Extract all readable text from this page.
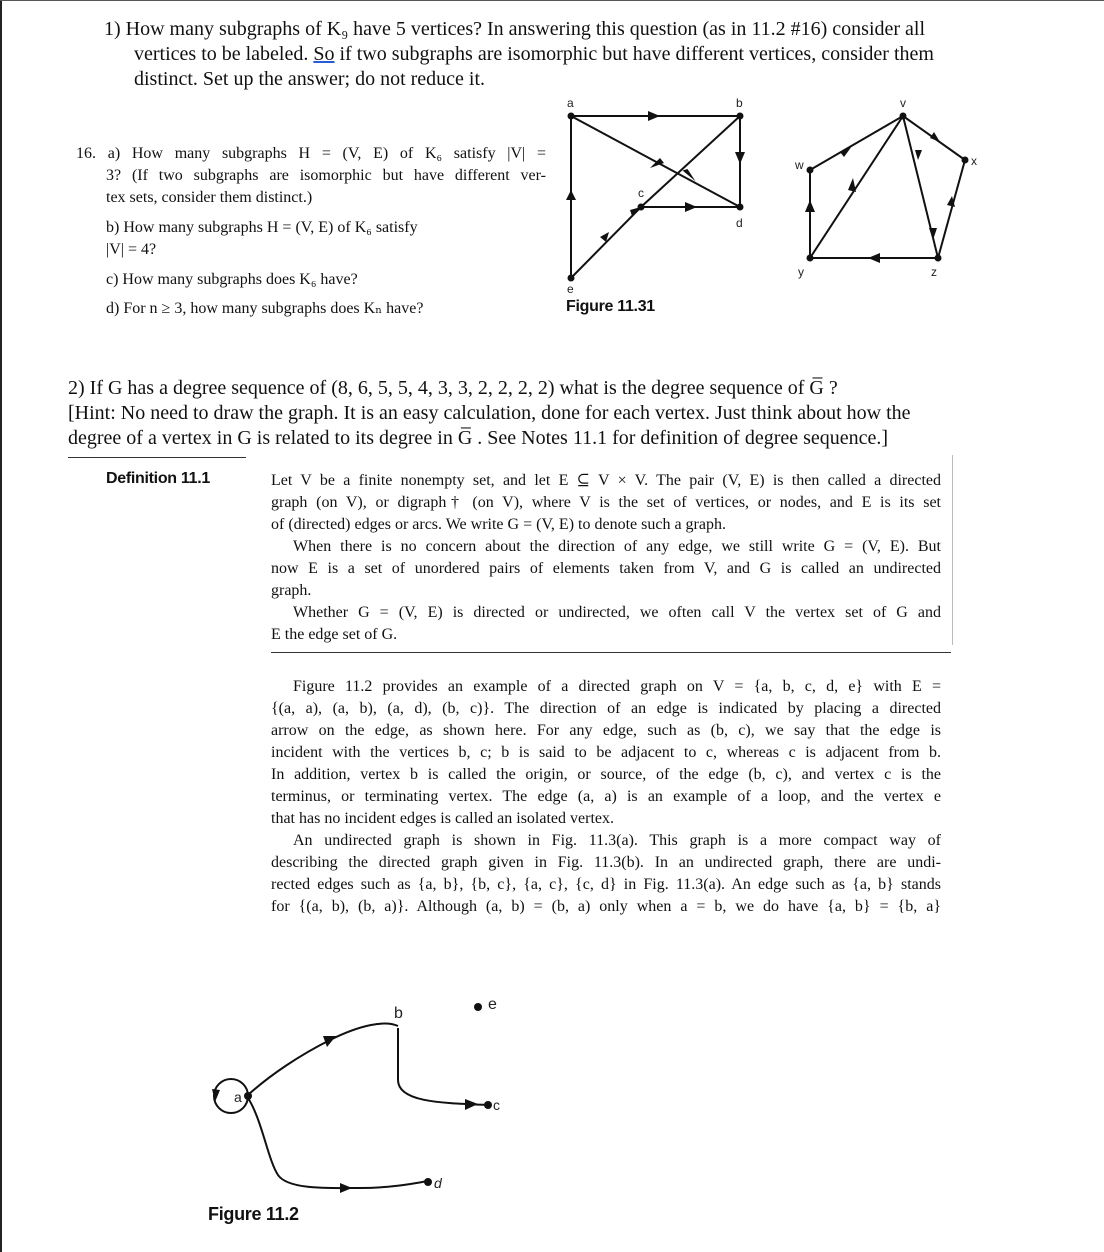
1) How many subgraphs of K₉ have 5 vertices? In answering this question (as in 11.2 #16) consider all
vertices to be labeled. So if two subgraphs are isomorphic but have different vertices, consider them
distinct. Set up the answer; do not reduce it.
16. a) How many subgraphs H = (V, E) of K₆ satisfy |V| =
3? (If two subgraphs are isomorphic but have different ver-
tex sets, consider them distinct.)
b) How many subgraphs H = (V, E) of K₆ satisfy
|V| = 4?
c) How many subgraphs does K₆ have?
d) For n ≥ 3, how many subgraphs does Kₙ have?
a	b
c
d
e
v
w	x
y	z
Figure 11.31
2) If G has a degree sequence of (8, 6, 5, 5, 4, 3, 3, 2, 2, 2, 2) what is the degree sequence of G̅ ?
[Hint: No need to draw the graph. It is an easy calculation, done for each vertex. Just think about how the
degree of a vertex in G is related to its degree in G̅ . See Notes 11.1 for definition of degree sequence.]
Definition 11.1	Let V be a finite nonempty set, and let E ⊆ V × V. The pair (V, E) is then called a directed
graph (on V), or digraph† (on V), where V is the set of vertices, or nodes, and E is its set
of (directed) edges or arcs. We write G = (V, E) to denote such a graph.
When there is no concern about the direction of any edge, we still write G = (V, E). But
now E is a set of unordered pairs of elements taken from V, and G is called an undirected
graph.
Whether G = (V, E) is directed or undirected, we often call V the vertex set of G and
E the edge set of G.
Figure 11.2 provides an example of a directed graph on V = {a, b, c, d, e} with E =
{(a, a), (a, b), (a, d), (b, c)}. The direction of an edge is indicated by placing a directed
arrow on the edge, as shown here. For any edge, such as (b, c), we say that the edge is
incident with the vertices b, c; b is said to be adjacent to c, whereas c is adjacent from b.
In addition, vertex b is called the origin, or source, of the edge (b, c), and vertex c is the
terminus, or terminating vertex. The edge (a, a) is an example of a loop, and the vertex e
that has no incident edges is called an isolated vertex.
An undirected graph is shown in Fig. 11.3(a). This graph is a more compact way of
describing the directed graph given in Fig. 11.3(b). In an undirected graph, there are undi-
rected edges such as {a, b}, {b, c}, {a, c}, {c, d} in Fig. 11.3(a). An edge such as {a, b} stands
for {(a, b), (b, a)}. Although (a, b) = (b, a) only when a = b, we do have {a, b} = {b, a}
a
b
c
d
e
Figure 11.2
